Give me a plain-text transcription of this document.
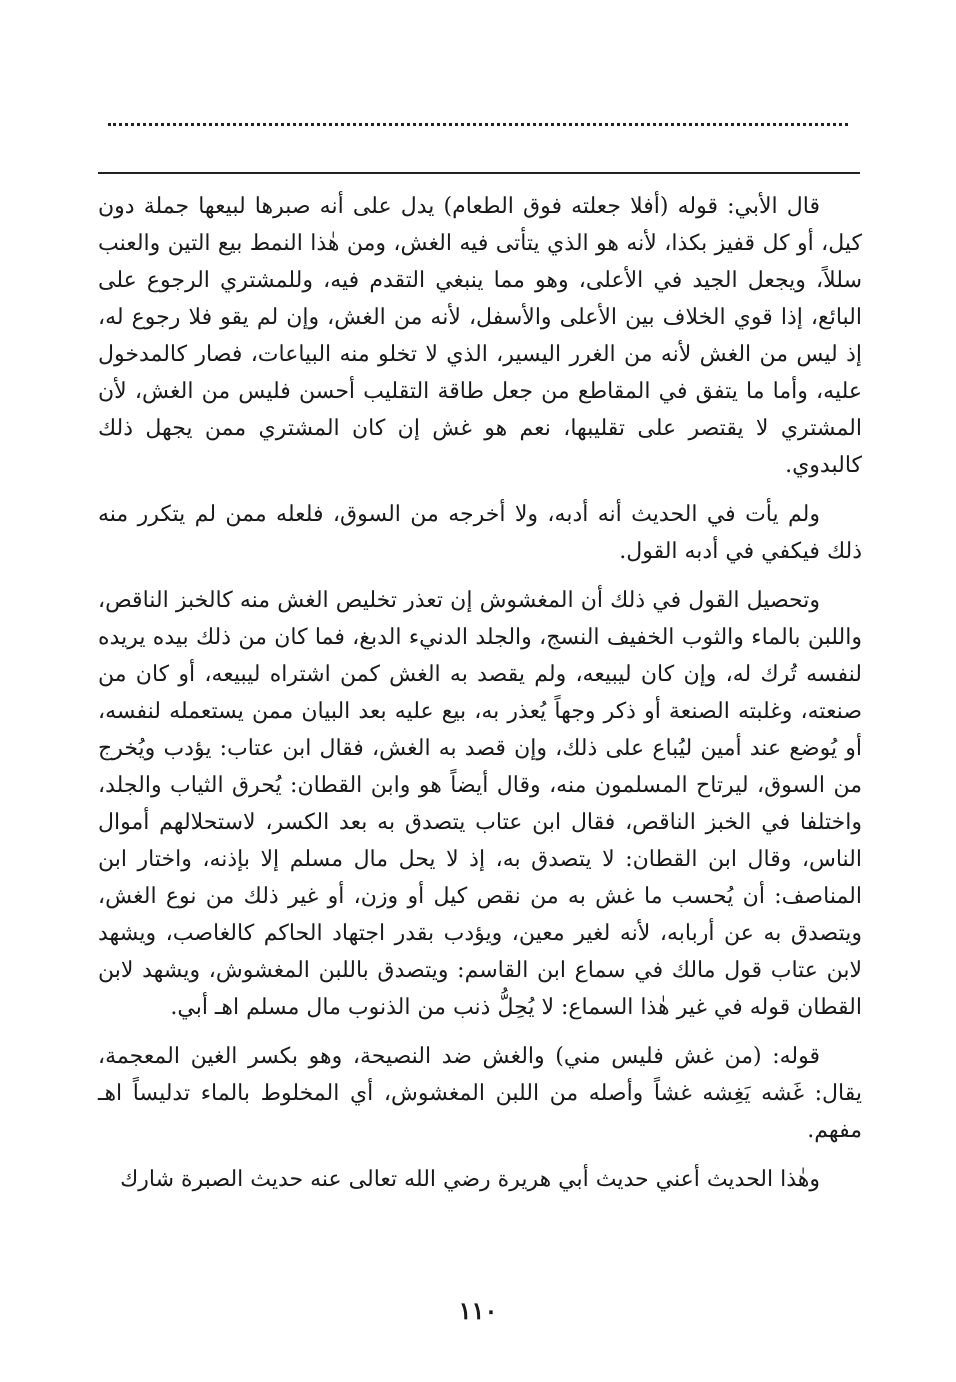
قال الأبي: قوله (أفلا جعلته فوق الطعام) يدل على أنه صبرها لبيعها جملة دون كيل، أو كل قفيز بكذا، لأنه هو الذي يتأتى فيه الغش، ومن هٰذا النمط بيع التين والعنب سللاً، ويجعل الجيد في الأعلى، وهو مما ينبغي التقدم فيه، وللمشتري الرجوع على البائع، إذا قوي الخلاف بين الأعلى والأسفل، لأنه من الغش، وإن لم يقو فلا رجوع له، إذ ليس من الغش لأنه من الغرر اليسير، الذي لا تخلو منه البياعات، فصار كالمدخول عليه، وأما ما يتفق في المقاطع من جعل طاقة التقليب أحسن فليس من الغش، لأن المشتري لا يقتصر على تقليبها، نعم هو غش إن كان المشتري ممن يجهل ذلك كالبدوي.

ولم يأت في الحديث أنه أدبه، ولا أخرجه من السوق، فلعله ممن لم يتكرر منه ذلك فيكفي في أدبه القول.

وتحصيل القول في ذلك أن المغشوش إن تعذر تخليص الغش منه كالخبز الناقص، واللبن بالماء والثوب الخفيف النسج، والجلد الدنيء الدبغ، فما كان من ذلك بيده يريده لنفسه تُرك له، وإن كان ليبيعه، ولم يقصد به الغش كمن اشتراه ليبيعه، أو كان من صنعته، وغلبته الصنعة أو ذكر وجهاً يُعذر به، بيع عليه بعد البيان ممن يستعمله لنفسه، أو يُوضع عند أمين ليُباع على ذلك، وإن قصد به الغش، فقال ابن عتاب: يؤدب ويُخرج من السوق، ليرتاح المسلمون منه، وقال أيضاً هو وابن القطان: يُحرق الثياب والجلد، واختلفا في الخبز الناقص، فقال ابن عتاب يتصدق به بعد الكسر، لاستحلالهم أموال الناس، وقال ابن القطان: لا يتصدق به، إذ لا يحل مال مسلم إلا بإذنه، واختار ابن المناصف: أن يُحسب ما غش به من نقص كيل أو وزن، أو غير ذلك من نوع الغش، ويتصدق به عن أربابه، لأنه لغير معين، ويؤدب بقدر اجتهاد الحاكم كالغاصب، ويشهد لابن عتاب قول مالك في سماع ابن القاسم: ويتصدق باللبن المغشوش، ويشهد لابن القطان قوله في غير هٰذا السماع: لا يُحِلُّ ذنب من الذنوب مال مسلم اهـ أبي.

قوله: (من غش فليس مني) والغش ضد النصيحة، وهو بكسر الغين المعجمة، يقال: غَشه يَغِشه غشاً وأصله من اللبن المغشوش، أي المخلوط بالماء تدليساً اهـ مفهم.

وهٰذا الحديث أعني حديث أبي هريرة رضي الله تعالى عنه حديث الصبرة شارك

١١٠
